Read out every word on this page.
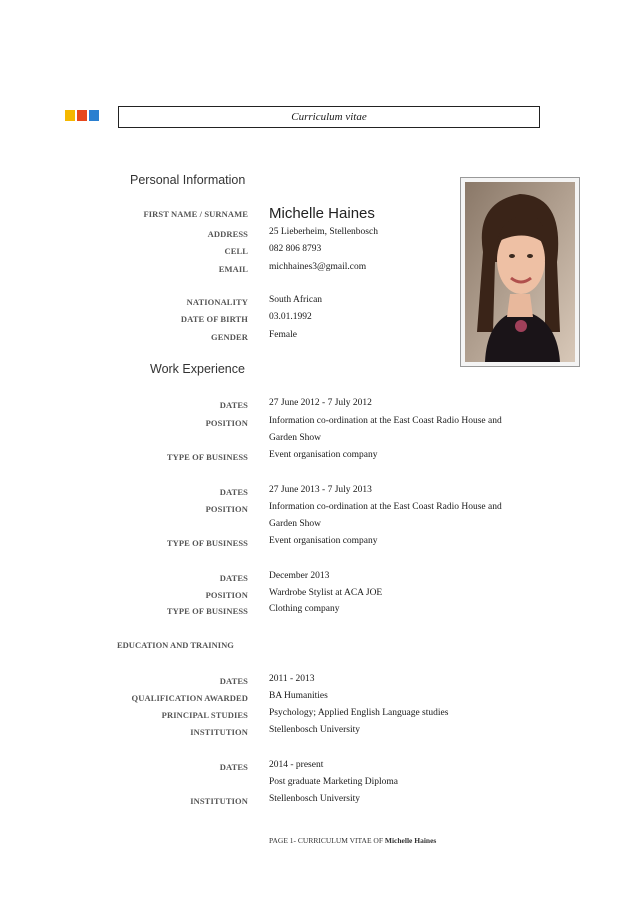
Curriculum vitae
Personal Information
FIRST NAME / SURNAME Michelle Haines
ADDRESS 25 Lieberheim, Stellenbosch
CELL 082 806 8793
EMAIL michhaines3@gmail.com
NATIONALITY South African
DATE OF BIRTH 03.01.1992
GENDER Female
Work Experience
DATES 27 June 2012 - 7 July 2012
POSITION Information co-ordination at the East Coast Radio House and
Garden Show
TYPE OF BUSINESS Event organisation company
DATES 27 June 2013 - 7 July 2013
POSITION Information co-ordination at the East Coast Radio House and
Garden Show
TYPE OF BUSINESS Event organisation company
DATES December 2013
POSITION Wardrobe Stylist at ACA JOE
TYPE OF BUSINESS Clothing company
EDUCATION AND TRAINING
DATES 2011 - 2013
QUALIFICATION AWARDED BA Humanities
PRINCIPAL STUDIES Psychology; Applied English Language studies
INSTITUTION Stellenbosch University
DATES 2014 - present
Post graduate Marketing Diploma
INSTITUTION Stellenbosch University
PAGE 1- CURRICULUM VITAE OF Michelle Haines
